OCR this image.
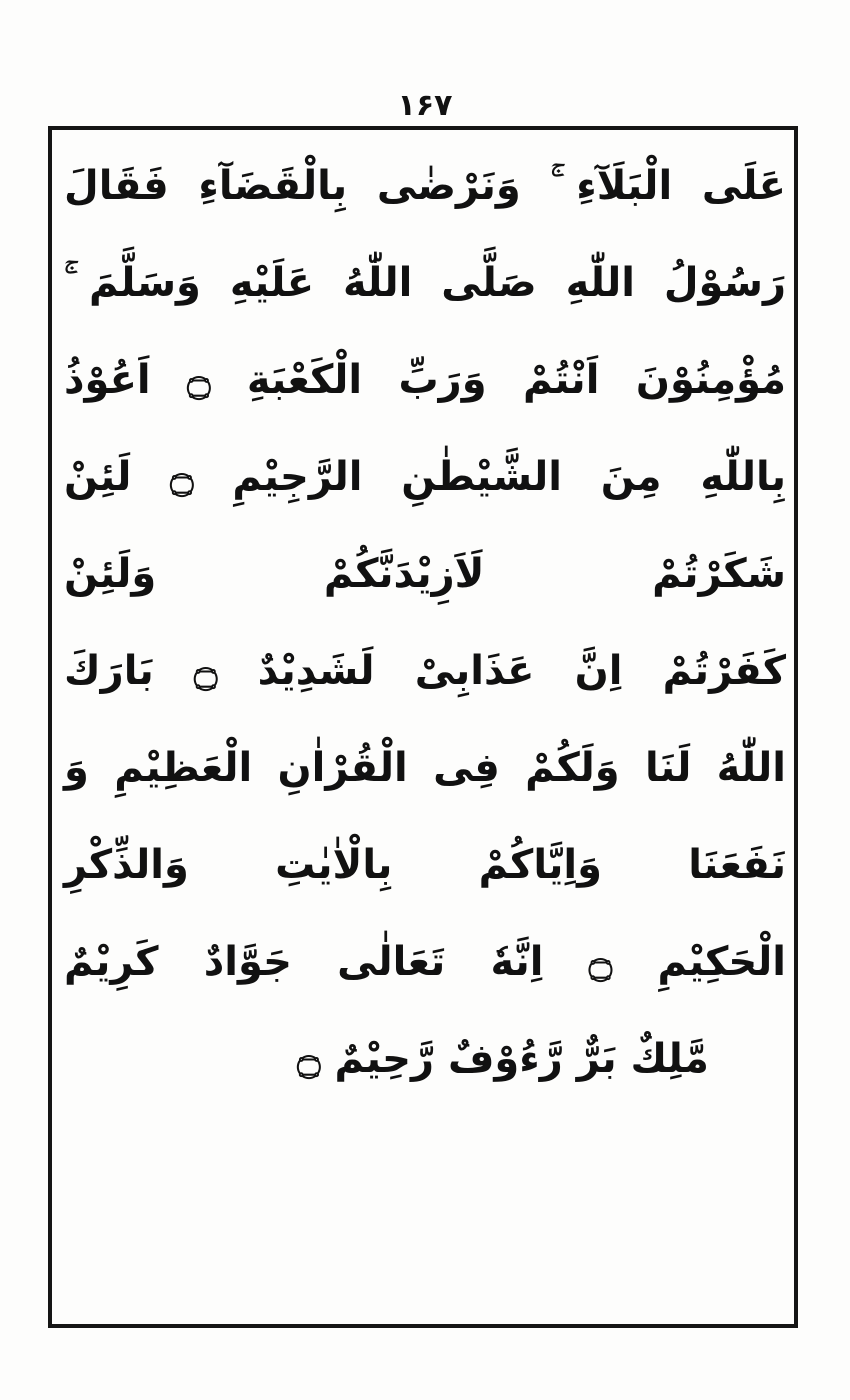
۱۶۷
عَلَى الْبَلَآءِ ۚ وَنَرْضٰى بِالْقَضَآءِ فَقَالَ
رَسُوْلُ اللّٰهِ صَلَّى اللّٰهُ عَلَيْهِ وَسَلَّمَ ۚ
مُؤْمِنُوْنَ اَنْتُمْ وَرَبِّ الْكَعْبَةِ ۝ اَعُوْذُ
بِاللّٰهِ مِنَ الشَّيْطٰنِ الرَّجِيْمِ ۝ لَئِنْ
شَكَرْتُمْ لَاَزِيْدَنَّكُمْ وَلَئِنْ
كَفَرْتُمْ اِنَّ عَذَابِىْ لَشَدِيْدٌ ۝ بَارَكَ
اللّٰهُ لَنَا وَلَكُمْ فِى الْقُرْاٰنِ الْعَظِيْمِ وَ
نَفَعَنَا وَاِيَّاكُمْ بِالْاٰيٰتِ وَالذِّكْرِ
الْحَكِيْمِ ۝ اِنَّهٗ تَعَالٰى جَوَّادٌ كَرِيْمٌ
مَّلِكٌ بَرٌّ رَّءُوْفٌ رَّحِيْمٌ ۝
